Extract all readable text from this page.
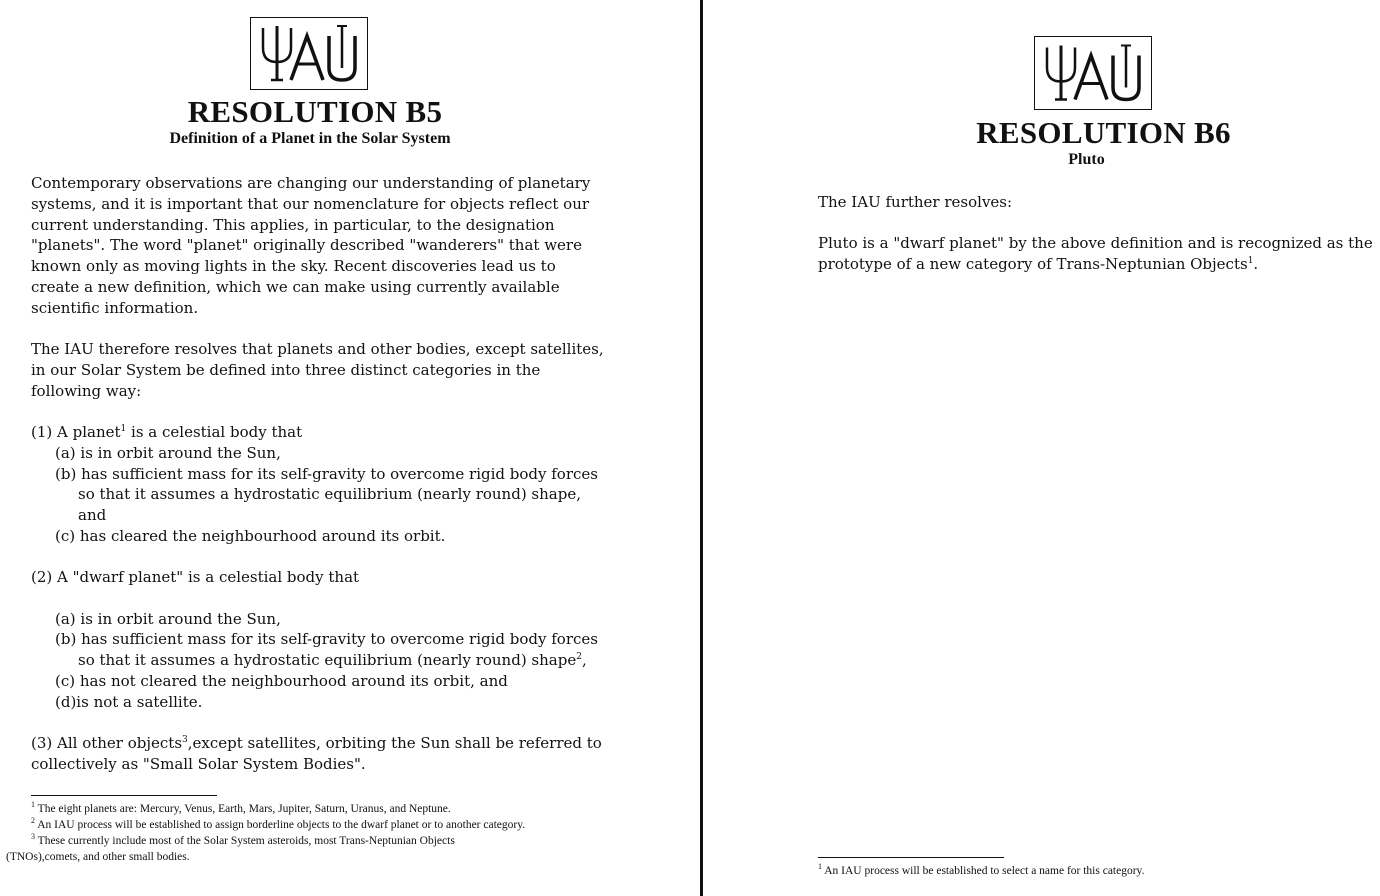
IAU
RESOLUTION B5
Definition of a Planet in the Solar System
Contemporary observations are changing our understanding of planetary
systems, and it is important that our nomenclature for objects reflect our
current understanding. This applies, in particular, to the designation
"planets". The word "planet" originally described "wanderers" that were
known only as moving lights in the sky. Recent discoveries lead us to
create a new definition, which we can make using currently available
scientific information.
The IAU therefore resolves that planets and other bodies, except satellites,
in our Solar System be defined into three distinct categories in the
following way:
(1) A planet$^1$ is a celestial body that
(a) is in orbit around the Sun,
(b) has sufficient mass for its self-gravity to overcome rigid body forces
so that it assumes a hydrostatic equilibrium (nearly round) shape,
and
(c) has cleared the neighbourhood around its orbit.
(2) A "dwarf planet" is a celestial body that
(a) is in orbit around the Sun,
(b) has sufficient mass for its self-gravity to overcome rigid body forces
so that it assumes a hydrostatic equilibrium (nearly round) shape$^2$,
(c) has not cleared the neighbourhood around its orbit, and
(d)is not a satellite.
(3) All other objects$^3$,except satellites, orbiting the Sun shall be referred to
collectively as "Small Solar System Bodies".
$^1$ The eight planets are: Mercury, Venus, Earth, Mars, Jupiter, Saturn, Uranus, and Neptune.
$^2$ An IAU process will be established to assign borderline objects to the dwarf planet or to another category.
$^3$ These currently include most of the Solar System asteroids, most Trans-Neptunian Objects
(TNOs),comets, and other small bodies.
RESOLUTION B6
Pluto
The IAU further resolves:
Pluto is a "dwarf planet" by the above definition and is recognized as the
prototype of a new category of Trans-Neptunian Objects$^1$.
$^1$ An IAU process will be established to select a name for this category.
